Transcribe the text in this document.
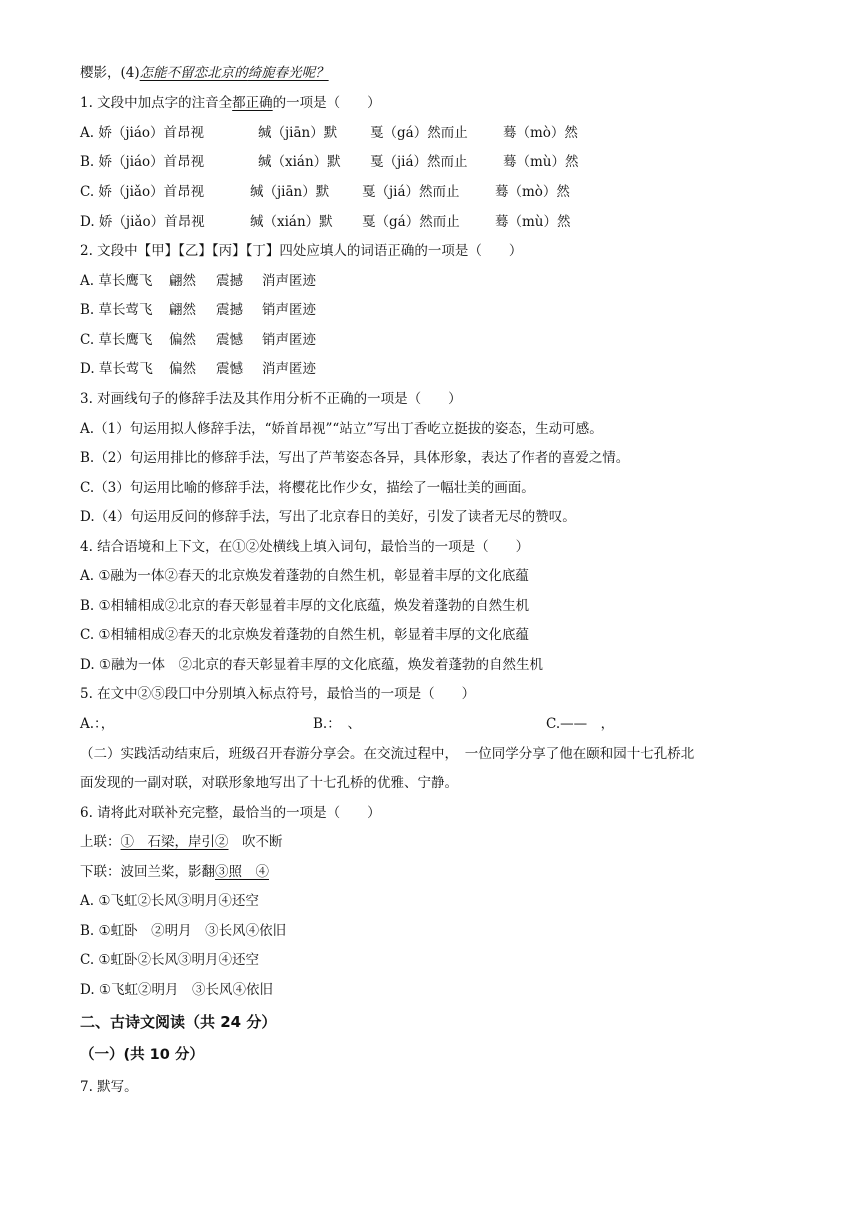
樱影，(4)怎能不留恋北京的绮旎春光呢？
1. 文段中加点字的注音全都正确的一项是（　　）
A. 娇（jiáo）首昂视	缄（jiān）默 戛（gá）然而止	蓦（mò）然
B. 娇（jiáo）首昂视	缄（xián）默 戛（jiá）然而止	蓦（mù）然
C. 娇（jiǎo）首昂视	缄（jiān）默 戛（jiá）然而止	蓦（mò）然
D. 娇（jiǎo）首昂视	缄（xián）默 戛（gá）然而止	蓦（mù）然
2. 文段中【甲】【乙】【丙】【丁】四处应填人的词语正确的一项是（　　）
A. 草长鹰飞 翩然 震撼 消声匿迹
B. 草长莺飞 翩然 震撼 销声匿迹
C. 草长鹰飞 偏然 震憾 销声匿迹
D. 草长莺飞 偏然 震憾 消声匿迹
3. 对画线句子的修辞手法及其作用分析不正确的一项是（　　）
A.（1）句运用拟人修辞手法，“娇首昂视”“站立”写出丁香屹立挺拔的姿态，生动可感。
B.（2）句运用排比的修辞手法，写出了芦苇姿态各异，具体形象，表达了作者的喜爱之情。
C.（3）句运用比喻的修辞手法，将樱花比作少女，描绘了一幅壮美的画面。
D.（4）句运用反问的修辞手法，写出了北京春日的美好，引发了读者无尽的赞叹。
4. 结合语境和上下文，在①②处横线上填入词句，最恰当的一项是（　　）
A. ①融为一体②春天的北京焕发着蓬勃的自然生机，彰显着丰厚的文化底蕴
B. ①相辅相成②北京的春天彰显着丰厚的文化底蕴，焕发着蓬勃的自然生机
C. ①相辅相成②春天的北京焕发着蓬勃的自然生机，彰显着丰厚的文化底蕴
D. ①融为一体　②北京的春天彰显着丰厚的文化底蕴，焕发着蓬勃的自然生机
5. 在文中②⑤段囗中分别填入标点符号，最恰当的一项是（　　）
A.：，	B.：　、	C.——　，
（二）实践活动结束后，班级召开春游分享会。在交流过程中，　一位同学分享了他在颐和园十七孔桥北
面发现的一副对联，对联形象地写出了十七孔桥的优雅、宁静。
6. 请将此对联补充完整，最恰当的一项是（　　）
上联：①　石梁，岸引②　吹不断
下联：波回兰桨，影翻③照　④
A. ①飞虹②长风③明月④还空
B. ①虹卧　②明月　③长风④依旧
C. ①虹卧②长风③明月④还空
D. ①飞虹②明月　③长风④依旧
二、古诗文阅读（共 24 分）
（一）(共 10 分）
7. 默写。
